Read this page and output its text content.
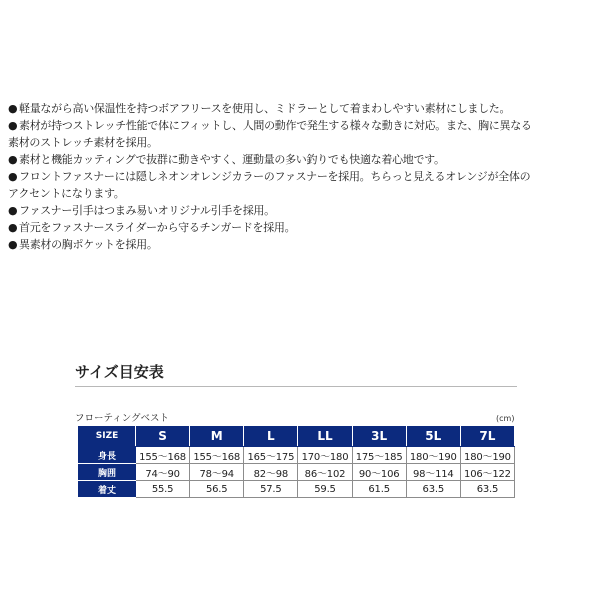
● 軽量ながら高い保温性を持つボアフリースを使用し、ミドラーとして着まわしやすい素材にしました。
● 素材が持つストレッチ性能で体にフィットし、人間の動作で発生する様々な動きに対応。また、胸に異なる
素材のストレッチ素材を採用。
● 素材と機能カッティングで抜群に動きやすく、運動量の多い釣りでも快適な着心地です。
● フロントファスナーには隠しネオンオレンジカラーのファスナーを採用。ちらっと見えるオレンジが全体の
アクセントになります。
● ファスナー引手はつまみ易いオリジナル引手を採用。
● 首元をファスナースライダーから守るチンガードを採用。
● 異素材の胸ポケットを採用。
サイズ目安表
フローティングベスト	(cm)
SIZE	S	M	L	LL	3L	5L	7L
身長	155〜168	155〜168	165〜175	170〜180	175〜185	180〜190	180〜190
胸囲	74〜90	78〜94	82〜98	86〜102	90〜106	98〜114	106〜122
着丈	55.5	56.5	57.5	59.5	61.5	63.5	63.5
